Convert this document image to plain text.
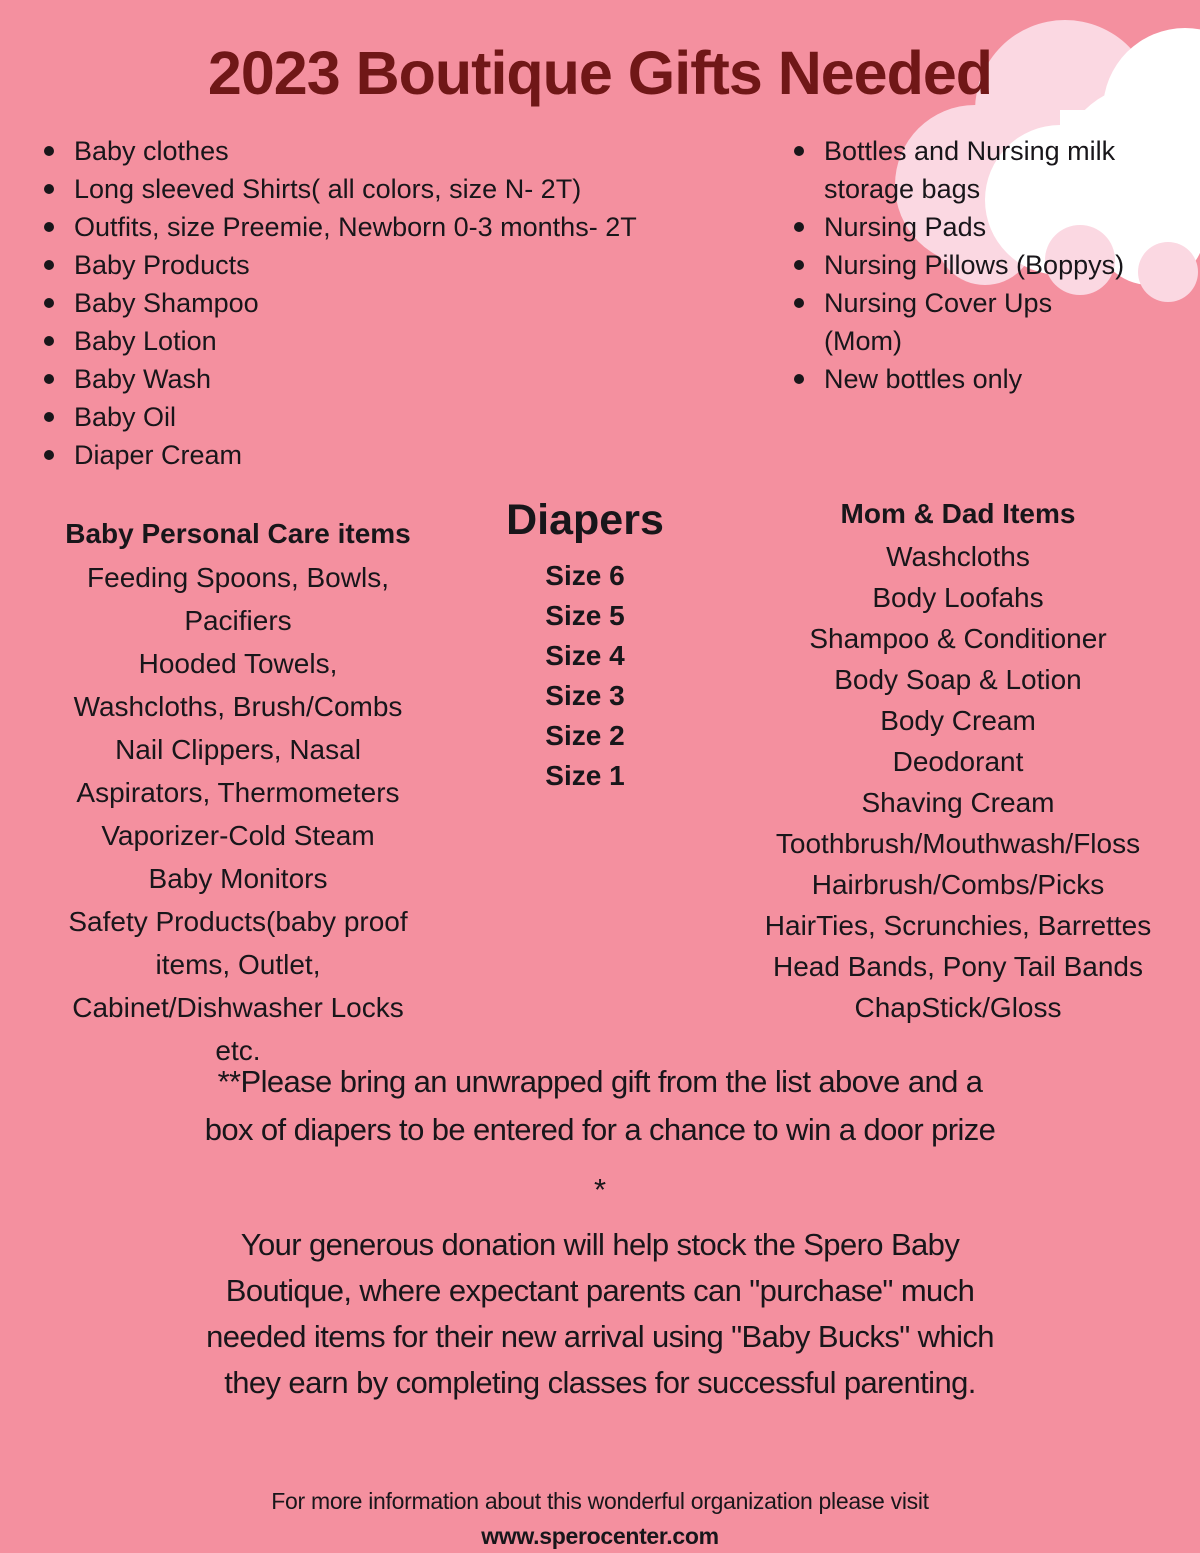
2023 Boutique Gifts Needed
Baby clothes
Long sleeved Shirts( all colors, size N- 2T)
Outfits, size Preemie, Newborn 0-3 months- 2T
Baby Products
Baby Shampoo
Baby Lotion
Baby Wash
Baby Oil
Diaper Cream
Bottles and Nursing milk storage bags
Nursing Pads
Nursing Pillows (Boppys)
Nursing Cover Ups (Mom)
New bottles only
Baby Personal Care items
Feeding Spoons, Bowls,
Pacifiers
Hooded Towels,
Washcloths, Brush/Combs
Nail Clippers, Nasal
Aspirators, Thermometers
Vaporizer-Cold Steam
Baby Monitors
Safety Products(baby proof
items, Outlet,
Cabinet/Dishwasher Locks
etc.
Diapers
Size 6
Size 5
Size 4
Size 3
Size 2
Size 1
Mom & Dad Items
Washcloths
Body Loofahs
Shampoo & Conditioner
Body Soap & Lotion
Body Cream
Deodorant
Shaving Cream
Toothbrush/Mouthwash/Floss
Hairbrush/Combs/Picks
HairTies, Scrunchies, Barrettes
Head Bands, Pony Tail Bands
ChapStick/Gloss
**Please bring an unwrapped gift from the list above and a
box of diapers to be entered for a chance to win a door prize
*
Your generous donation will help stock the Spero Baby
Boutique, where expectant parents can "purchase" much
needed items for their new arrival using "Baby Bucks" which
they earn by completing classes for successful parenting.
For more information about this wonderful organization please visit
www.sperocenter.com
